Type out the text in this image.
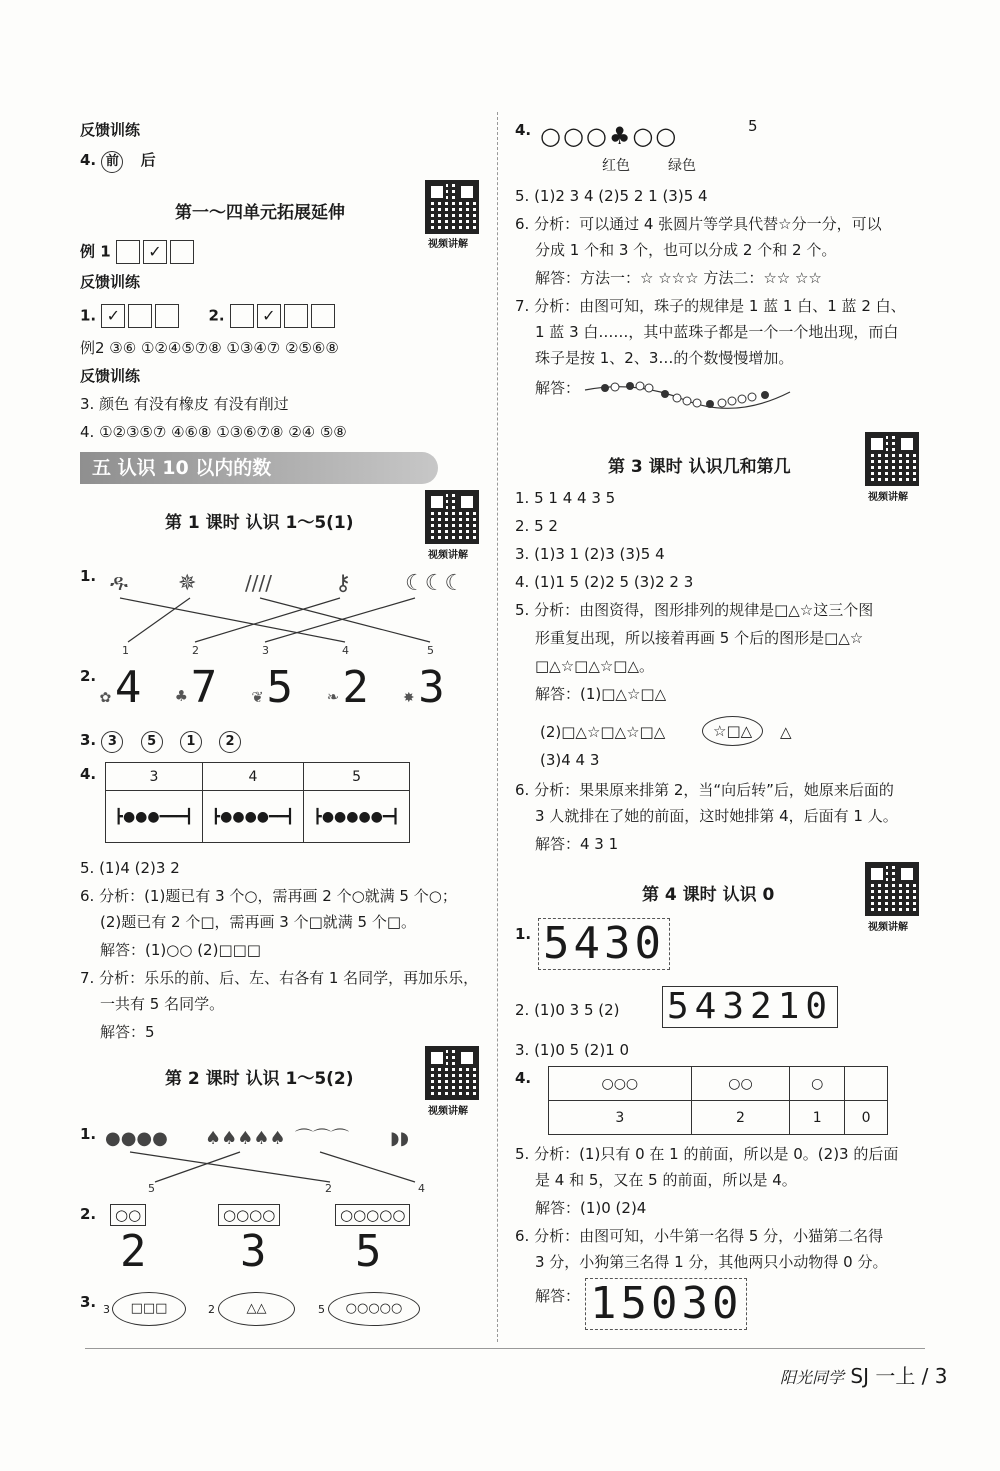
反馈训练
4. 前 后
第一～四单元拓展延伸
视频讲解
例 1 ✓
反馈训练
1. ✓	2. ✓
例2 ③⑥ ①②④⑤⑦⑧ ①③④⑦ ②⑤⑥⑧
反馈训练
3. 颜色 有没有橡皮 有没有削过
4. ①②③⑤⑦ ④⑥⑧ ①③⑥⑦⑧ ②④ ⑤⑧
五 认识 10 以内的数
第 1 课时 认识 1～5(1)
视频讲解
1. ዱ ✵ ////	⚷ ☾☾☾
1	2	3	4	5
2.
✿4 ♣7 ❦5 ❧2 ✸3
3. 3 5 1 2
4.	3	4	5
┣●●●━━━┫	┣●●●●━━┫	┣●●●●●━┫
5. (1)4 (2)3 2
6. 分析：(1)题已有 3 个○，需再画 2 个○就满 5 个○；
(2)题已有 2 个□，需再画 3 个□就满 5 个□。
解答：(1)○○ (2)□□□
7. 分析：乐乐的前、后、左、右各有 1 名同学，再加乐乐，
一共有 5 名同学。
解答：5
第 2 课时 认识 1～5(2)
视频讲解
1. ●●●● ♠♠♠♠♠ ⌒⌒⌒ ◗◗
5	2	4
2.	○○	○○○○	○○○○○
2 3 5
3. 3	□□□	2	△△	5	○○○○○
4. ○○○♣○○	5
红色	绿色
5. (1)2 3 4 (2)5 2 1 (3)5 4
6. 分析：可以通过 4 张圆片等学具代替☆分一分，可以
分成 1 个和 3 个，也可以分成 2 个和 2 个。
解答：方法一：☆ ☆☆☆ 方法二：☆☆ ☆☆
7. 分析：由图可知，珠子的规律是 1 蓝 1 白、1 蓝 2 白、
1 蓝 3 白……，其中蓝珠子都是一个一个地出现，而白
珠子是按 1、2、3…的个数慢慢增加。
解答：
第 3 课时 认识几和第几
视频讲解
1. 5 1 4 4 3 5
2. 5 2
3. (1)3 1 (2)3 (3)5 4
4. (1)1 5 (2)2 5 (3)2 2 3
5. 分析：由图资得，图形排列的规律是□△☆这三个图
形重复出现，所以接着再画 5 个后的图形是□△☆
□△☆□△☆□△。
解答：(1)□△☆□△
(2)□△☆□△☆□△	☆□△	△
(3)4 4 3
6. 分析：果果原来排第 2，当“向后转”后，她原来后面的
3 人就排在了她的前面，这时她排第 4，后面有 1 人。
解答：4 3 1
第 4 课时 认识 0
视频讲解
1. 5430
2. (1)0 3 5 (2) 543210
3. (1)0 5 (2)1 0
4.	○○○	○○	○	
3	2	1	0
5. 分析：(1)只有 0 在 1 的前面，所以是 0。(2)3 的后面
是 4 和 5，又在 5 的前面，所以是 4。
解答：(1)0 (2)4
6. 分析：由图可知，小牛第一名得 5 分，小猫第二名得
3 分，小狗第三名得 1 分，其他两只小动物得 0 分。
解答： 15030
阳光同学 SJ 一上 / 3
